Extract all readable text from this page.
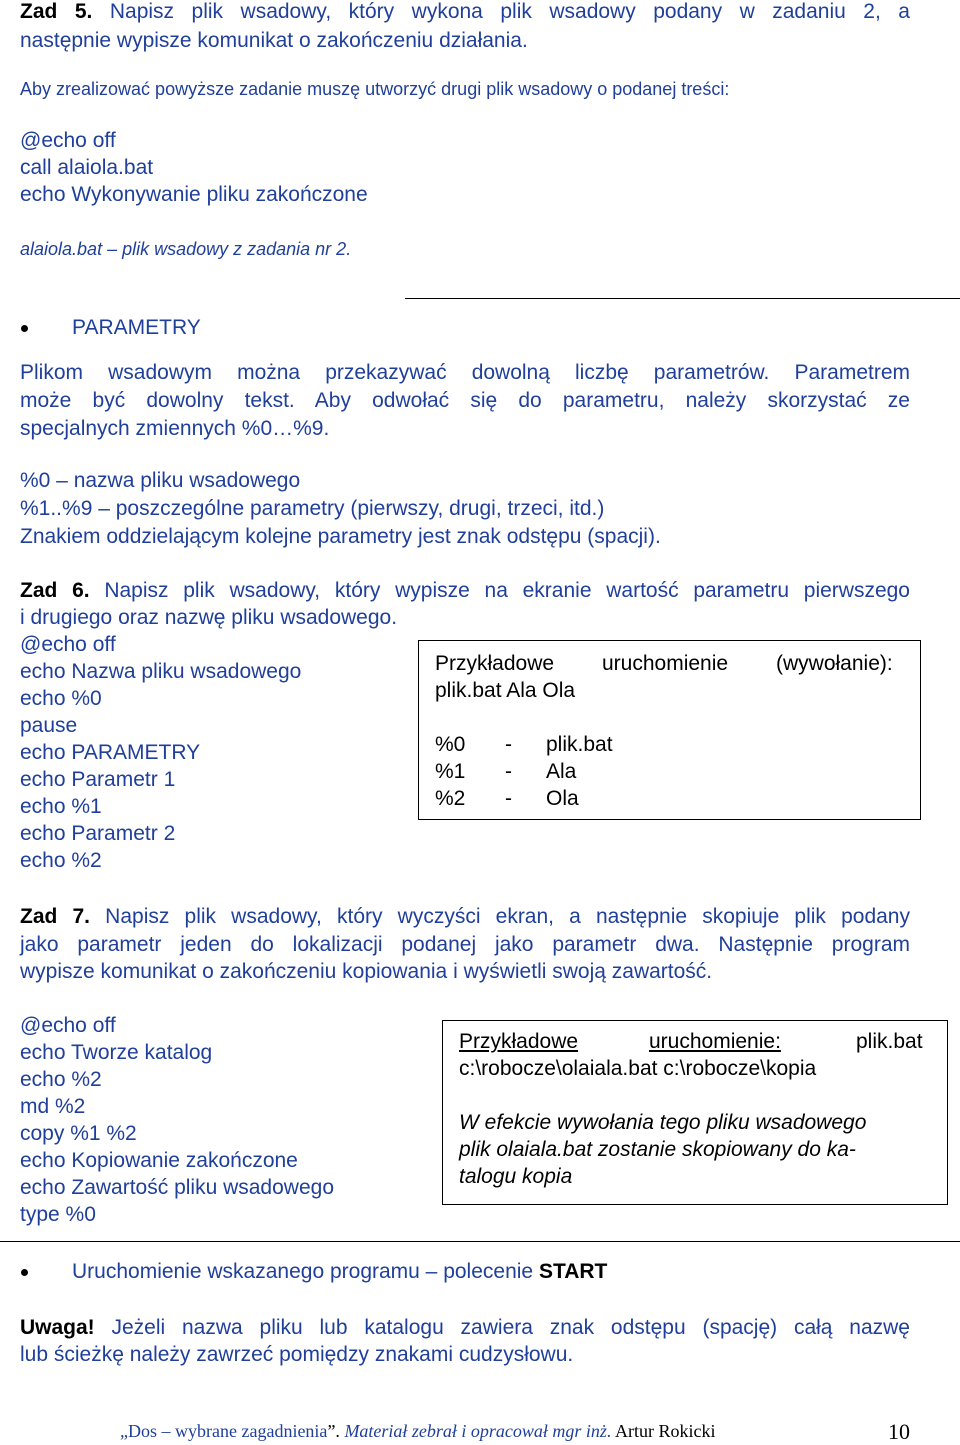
Zad 5. Napisz plik wsadowy, który wykona plik wsadowy podany w zadaniu 2, a
następnie wypisze komunikat o zakończeniu działania.
Aby zrealizować powyższe zadanie muszę utworzyć drugi plik wsadowy o podanej treści:
@echo off
call alaiola.bat
echo Wykonywanie pliku zakończone
alaiola.bat – plik wsadowy z zadania nr 2.
PARAMETRY
Plikom wsadowym można przekazywać dowolną liczbę parametrów. Parametrem
może być dowolny tekst. Aby odwołać się do parametru, należy skorzystać ze
specjalnych zmiennych %0…%9.
%0 – nazwa pliku wsadowego
%1..%9 – poszczególne parametry (pierwszy, drugi, trzeci, itd.)
Znakiem oddzielającym kolejne parametry jest znak odstępu (spacji).
Zad 6. Napisz plik wsadowy, który wypisze na ekranie wartość parametru pierwszego
i drugiego oraz nazwę pliku wsadowego.
@echo off
echo Nazwa pliku wsadowego
echo %0
pause
echo PARAMETRY
echo Parametr 1
echo %1
echo Parametr 2
echo %2
Przykładowe uruchomienie (wywołanie):
plik.bat Ala Ola
%0 - plik.bat
%1 - Ala
%2 - Ola
Zad 7. Napisz plik wsadowy, który wyczyści ekran, a następnie skopiuje plik podany
jako parametr jeden do lokalizacji podanej jako parametr dwa. Następnie program
wypisze komunikat o zakończeniu kopiowania i wyświetli swoją zawartość.
@echo off
echo Tworze katalog
echo %2
md %2
copy %1 %2
echo Kopiowanie zakończone
echo Zawartość pliku wsadowego
type %0
Przykładowe	uruchomienie:	plik.bat
c:\robocze\olaiala.bat c:\robocze\kopia
W efekcie wywołania tego pliku wsadowego
plik olaiala.bat zostanie skopiowany do ka-
talogu kopia
Uruchomienie wskazanego programu – polecenie START
Uwaga! Jeżeli nazwa pliku lub katalogu zawiera znak odstępu (spację) całą nazwę
lub ścieżkę należy zawrzeć pomiędzy znakami cudzysłowu.
„Dos – wybrane zagadnienia”. Materiał zebrał i opracował mgr inż. Artur Rokicki	10
